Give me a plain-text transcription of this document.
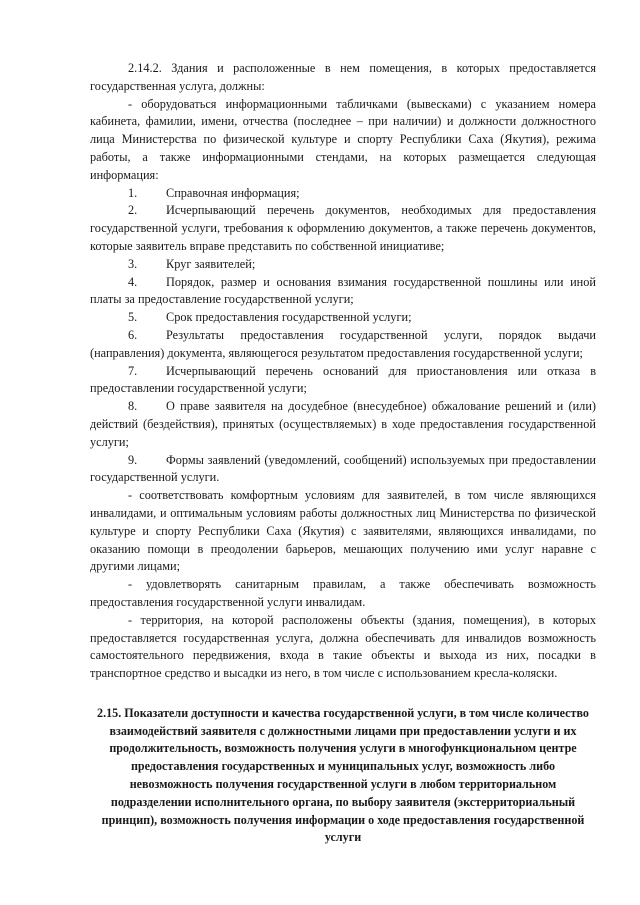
2.14.2. Здания и расположенные в нем помещения, в которых предоставляется государственная услуга, должны:

- оборудоваться информационными табличками (вывесками) с указанием номера кабинета, фамилии, имени, отчества (последнее – при наличии) и должности должностного лица Министерства по физической культуре и спорту Республики Саха (Якутия), режима работы, а также информационными стендами, на которых размещается следующая информация:

1. Справочная информация;

2. Исчерпывающий перечень документов, необходимых для предоставления государственной услуги, требования к оформлению документов, а также перечень документов, которые заявитель вправе представить по собственной инициативе;

3. Круг заявителей;

4. Порядок, размер и основания взимания государственной пошлины или иной платы за предоставление государственной услуги;

5. Срок предоставления государственной услуги;

6. Результаты предоставления государственной услуги, порядок выдачи (направления) документа, являющегося результатом предоставления государственной услуги;

7. Исчерпывающий перечень оснований для приостановления или отказа в предоставлении государственной услуги;

8. О праве заявителя на досудебное (внесудебное) обжалование решений и (или) действий (бездействия), принятых (осуществляемых) в ходе предоставления государственной услуги;

9. Формы заявлений (уведомлений, сообщений) используемых при предоставлении государственной услуги.

- соответствовать комфортным условиям для заявителей, в том числе являющихся инвалидами, и оптимальным условиям работы должностных лиц Министерства по физической культуре и спорту Республики Саха (Якутия) с заявителями, являющихся инвалидами, по оказанию помощи в преодолении барьеров, мешающих получению ими услуг наравне с другими лицами;

- удовлетворять санитарным правилам, а также обеспечивать возможность предоставления государственной услуги инвалидам.

- территория, на которой расположены объекты (здания, помещения), в которых предоставляется государственная услуга, должна обеспечивать для инвалидов возможность самостоятельного передвижения, входа в такие объекты и выхода из них, посадки в транспортное средство и высадки из него, в том числе с использованием кресла-коляски.

2.15. Показатели доступности и качества государственной услуги, в том числе количество взаимодействий заявителя с должностными лицами при предоставлении услуги и их продолжительность, возможность получения услуги в многофункциональном центре предоставления государственных и муниципальных услуг, возможность либо невозможность получения государственной услуги в любом территориальном подразделении исполнительного органа, по выбору заявителя (экстерриториальный принцип), возможность получения информации о ходе предоставления государственной услуги
